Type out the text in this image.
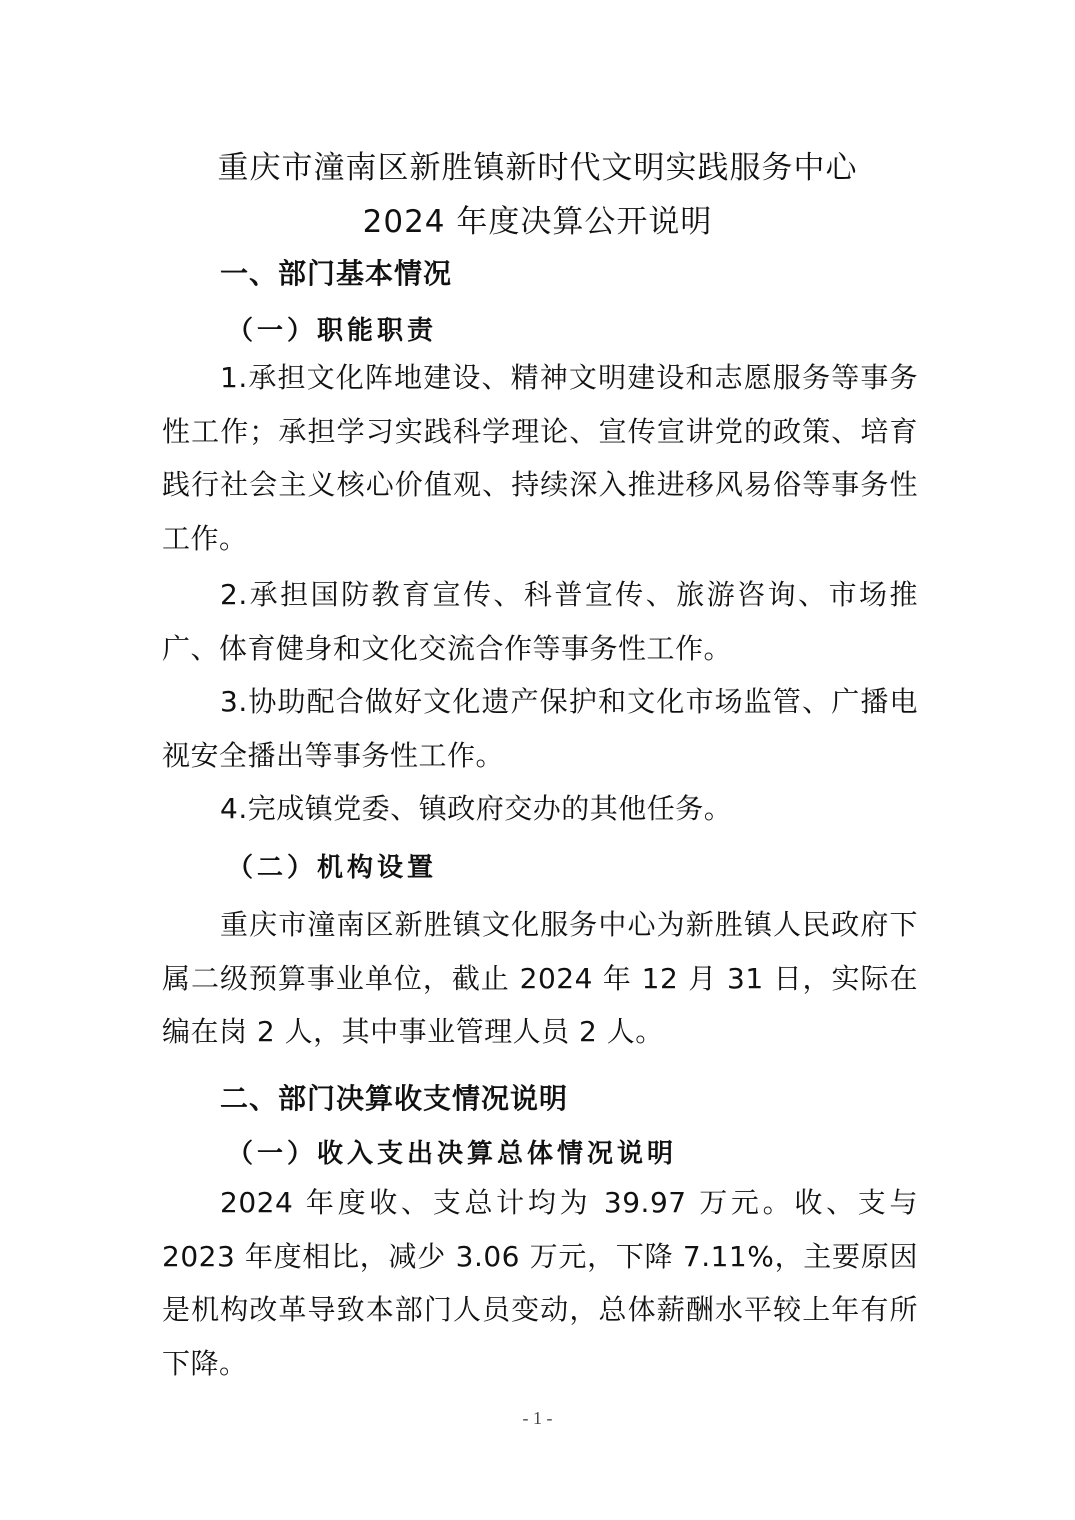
重庆市潼南区新胜镇新时代文明实践服务中心
2024 年度决算公开说明
一、部门基本情况
（一）职能职责

1.承担文化阵地建设、精神文明建设和志愿服务等事务性工作；承担学习实践科学理论、宣传宣讲党的政策、培育践行社会主义核心价值观、持续深入推进移风易俗等事务性工作。

2.承担国防教育宣传、科普宣传、旅游咨询、市场推广、体育健身和文化交流合作等事务性工作。

3.协助配合做好文化遗产保护和文化市场监管、广播电视安全播出等事务性工作。

4.完成镇党委、镇政府交办的其他任务。

（二）机构设置

重庆市潼南区新胜镇文化服务中心为新胜镇人民政府下属二级预算事业单位，截止 2024 年 12 月 31 日，实际在编在岗 2 人，其中事业管理人员 2 人。

二、部门决算收支情况说明
（一）收入支出决算总体情况说明

2024 年度收、支总计均为 39.97 万元。收、支与 2023 年度相比，减少 3.06 万元，下降 7.11%，主要原因是机构改革导致本部门人员变动，总体薪酬水平较上年有所下降。

- 1 -
